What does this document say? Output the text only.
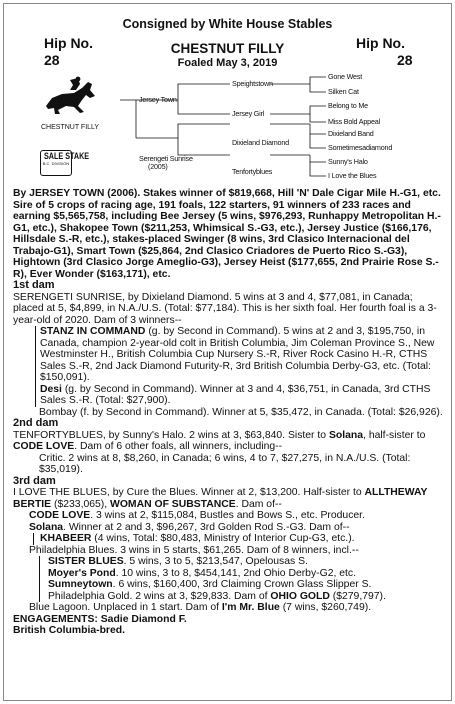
Consigned by White House Stables
Hip No.
28
Hip No.
28
CHESTNUT FILLY
Foaled May 3, 2019
CHESTNUT FILLY
SALE STAKE
B.C. DIVISION
Jersey Town
Serengeti Sunrise
(2005)
Speightstown
Jersey Girl
Dixieland Diamond
Tenfortyblues
Gone West
Silken Cat
Belong to Me
Miss Bold Appeal
Dixieland Band
Sometimesadiamond
Sunny's Halo
I Love the Blues

By JERSEY TOWN (2006). Stakes winner of $819,668, Hill 'N' Dale Cigar Mile H.-G1, etc. Sire of 5 crops of racing age, 191 foals, 122 starters, 91 winners of 233 races and earning $5,565,758, including Bee Jersey (5 wins, $976,293, Runhappy Metropolitan H.-G1, etc.), Shakopee Town ($211,253, Whimsical S.-G3, etc.), Jersey Justice ($166,176, Hillsdale S.-R, etc.), stakes-placed Swinger (8 wins, 3rd Clasico Internacional del Trabajo-G1), Smart Town ($25,864, 2nd Clasico Criadores de Puerto Rico S.-G3), Hightown (3rd Clasico Jorge Ameglio-G3), Jersey Heist ($177,655, 2nd Prairie Rose S.-R), Ever Wonder ($163,171), etc.

1st dam

SERENGETI SUNRISE, by Dixieland Diamond. 5 wins at 3 and 4, $77,081, in Canada; placed at 5, $4,899, in N.A./U.S. (Total: $77,184). This is her sixth foal. Her fourth foal is a 3-year-old of 2020. Dam of 3 winners--

STANZ IN COMMAND (g. by Second in Command). 5 wins at 2 and 3, $195,750, in Canada, champion 2-year-old colt in British Columbia, Jim Coleman Province S., New Westminster H., British Columbia Cup Nursery S.-R, River Rock Casino H.-R, CTHS Sales S.-R, 2nd Jack Diamond Futurity-R, 3rd British Columbia Derby-G3, etc. (Total: $150,091).

Desi (g. by Second in Command). Winner at 3 and 4, $36,751, in Canada, 3rd CTHS Sales S.-R. (Total: $27,900).

Bombay (f. by Second in Command). Winner at 5, $35,472, in Canada. (Total: $26,926).

2nd dam

TENFORTYBLUES, by Sunny's Halo. 2 wins at 3, $63,840. Sister to Solana, half-sister to CODE LOVE. Dam of 6 other foals, all winners, including--

Critic. 2 wins at 8, $8,260, in Canada; 6 wins, 4 to 7, $27,275, in N.A./U.S. (Total: $35,019).

3rd dam

I LOVE THE BLUES, by Cure the Blues. Winner at 2, $13,200. Half-sister to ALLTHEWAY BERTIE ($233,065), WOMAN OF SUBSTANCE. Dam of--

CODE LOVE. 3 wins at 2, $115,084, Bustles and Bows S., etc. Producer.

Solana. Winner at 2 and 3, $96,267, 3rd Golden Rod S.-G3. Dam of--

KHABEER (4 wins, Total: $80,483, Ministry of Interior Cup-G3, etc.).

Philadelphia Blues. 3 wins in 5 starts, $61,265. Dam of 8 winners, incl.--

SISTER BLUES. 5 wins, 3 to 5, $213,547, Opelousas S.

Moyer's Pond. 10 wins, 3 to 8, $454,141, 2nd Ohio Derby-G2, etc.

Sumneytown. 6 wins, $160,400, 3rd Claiming Crown Glass Slipper S.

Philadelphia Gold. 2 wins at 3, $29,833. Dam of OHIO GOLD ($279,797).

Blue Lagoon. Unplaced in 1 start. Dam of I'm Mr. Blue (7 wins, $260,749).

ENGAGEMENTS: Sadie Diamond F.

British Columbia-bred.
